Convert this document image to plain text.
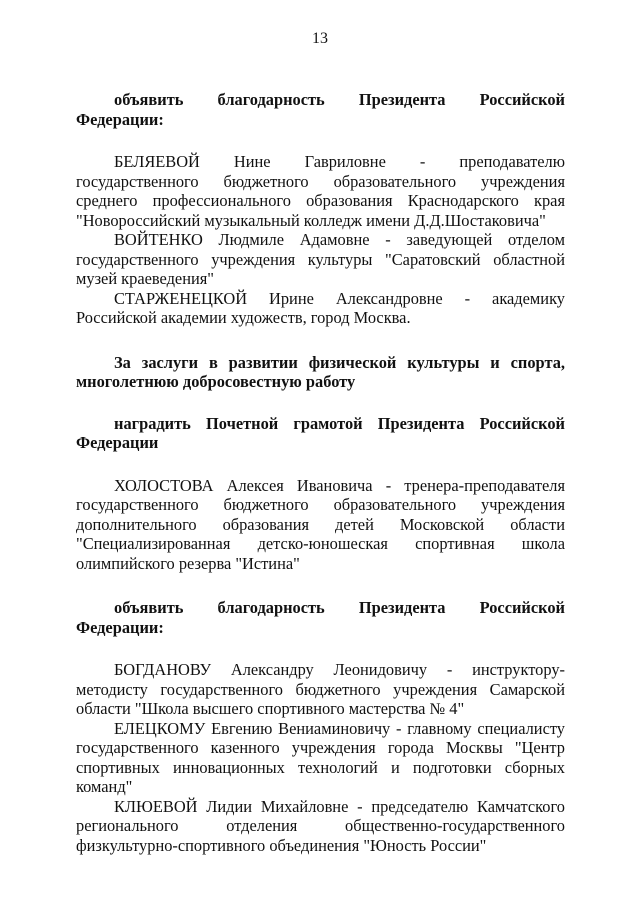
13

объявить благодарность Президента Российской Федерации:

БЕЛЯЕВОЙ Нине Гавриловне - преподавателю государственного бюджетного образовательного учреждения среднего профессионального образования Краснодарского края "Новороссийский музыкальный колледж имени Д.Д.Шостаковича"

ВОЙТЕНКО Людмиле Адамовне - заведующей отделом государственного учреждения культуры "Саратовский областной музей краеведения"

СТАРЖЕНЕЦКОЙ Ирине Александровне - академику Российской академии художеств, город Москва.

За заслуги в развитии физической культуры и спорта, многолетнюю добросовестную работу

наградить Почетной грамотой Президента Российской Федерации

ХОЛОСТОВА Алексея Ивановича - тренера-преподавателя государственного бюджетного образовательного учреждения дополнительного образования детей Московской области "Специализированная детско-юношеская спортивная школа олимпийского резерва "Истина"

объявить благодарность Президента Российской Федерации:

БОГДАНОВУ Александру Леонидовичу - инструктору-методисту государственного бюджетного учреждения Самарской области "Школа высшего спортивного мастерства № 4"

ЕЛЕЦКОМУ Евгению Вениаминовичу - главному специалисту государственного казенного учреждения города Москвы "Центр спортивных инновационных технологий и подготовки сборных команд"

КЛЮЕВОЙ Лидии Михайловне - председателю Камчатского регионального отделения общественно-государственного физкультурно-спортивного объединения "Юность России"
